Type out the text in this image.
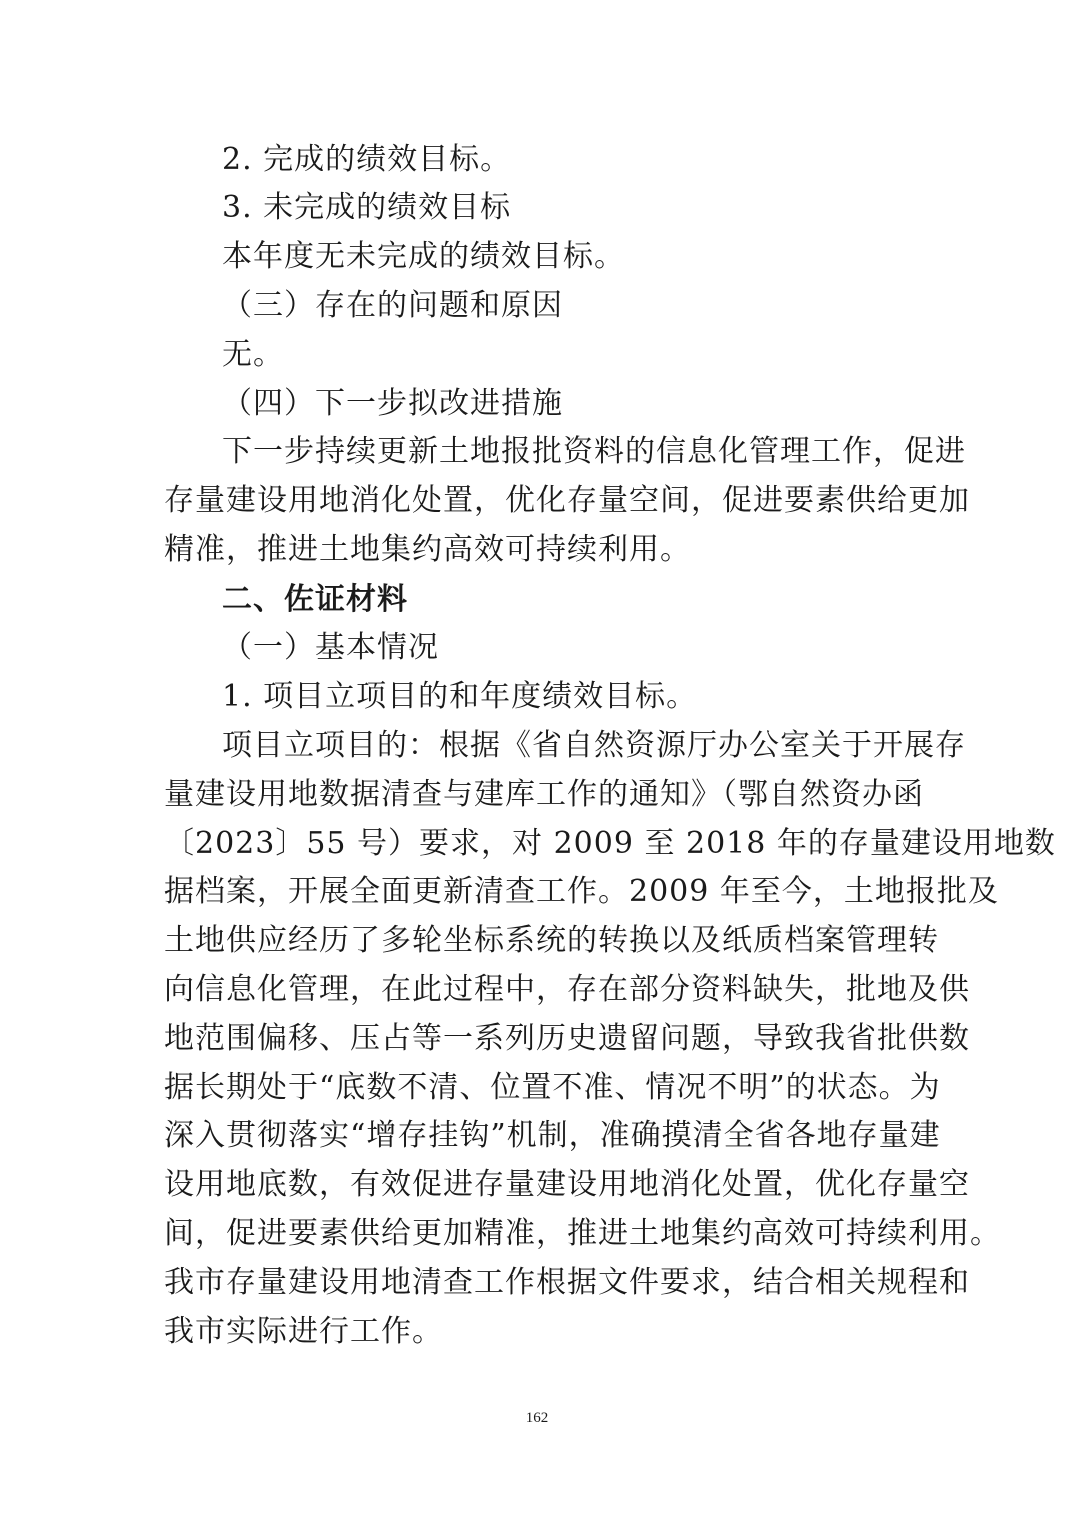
2. 完成的绩效目标。
3. 未完成的绩效目标
本年度无未完成的绩效目标。
（三）存在的问题和原因
无。
（四）下一步拟改进措施
下一步持续更新土地报批资料的信息化管理工作，促进
存量建设用地消化处置，优化存量空间，促进要素供给更加
精准，推进土地集约高效可持续利用。
二、佐证材料
（一）基本情况
1. 项目立项目的和年度绩效目标。
项目立项目的：根据《省自然资源厅办公室关于开展存
量建设用地数据清查与建库工作的通知》（鄂自然资办函
〔2023〕55 号）要求，对 2009 至 2018 年的存量建设用地数
据档案，开展全面更新清查工作。2009 年至今，土地报批及
土地供应经历了多轮坐标系统的转换以及纸质档案管理转
向信息化管理，在此过程中，存在部分资料缺失，批地及供
地范围偏移、压占等一系列历史遗留问题，导致我省批供数
据长期处于“底数不清、位置不准、情况不明”的状态。为
深入贯彻落实“增存挂钩”机制，准确摸清全省各地存量建
设用地底数，有效促进存量建设用地消化处置，优化存量空
间，促进要素供给更加精准，推进土地集约高效可持续利用。
我市存量建设用地清查工作根据文件要求，结合相关规程和
我市实际进行工作。
162
